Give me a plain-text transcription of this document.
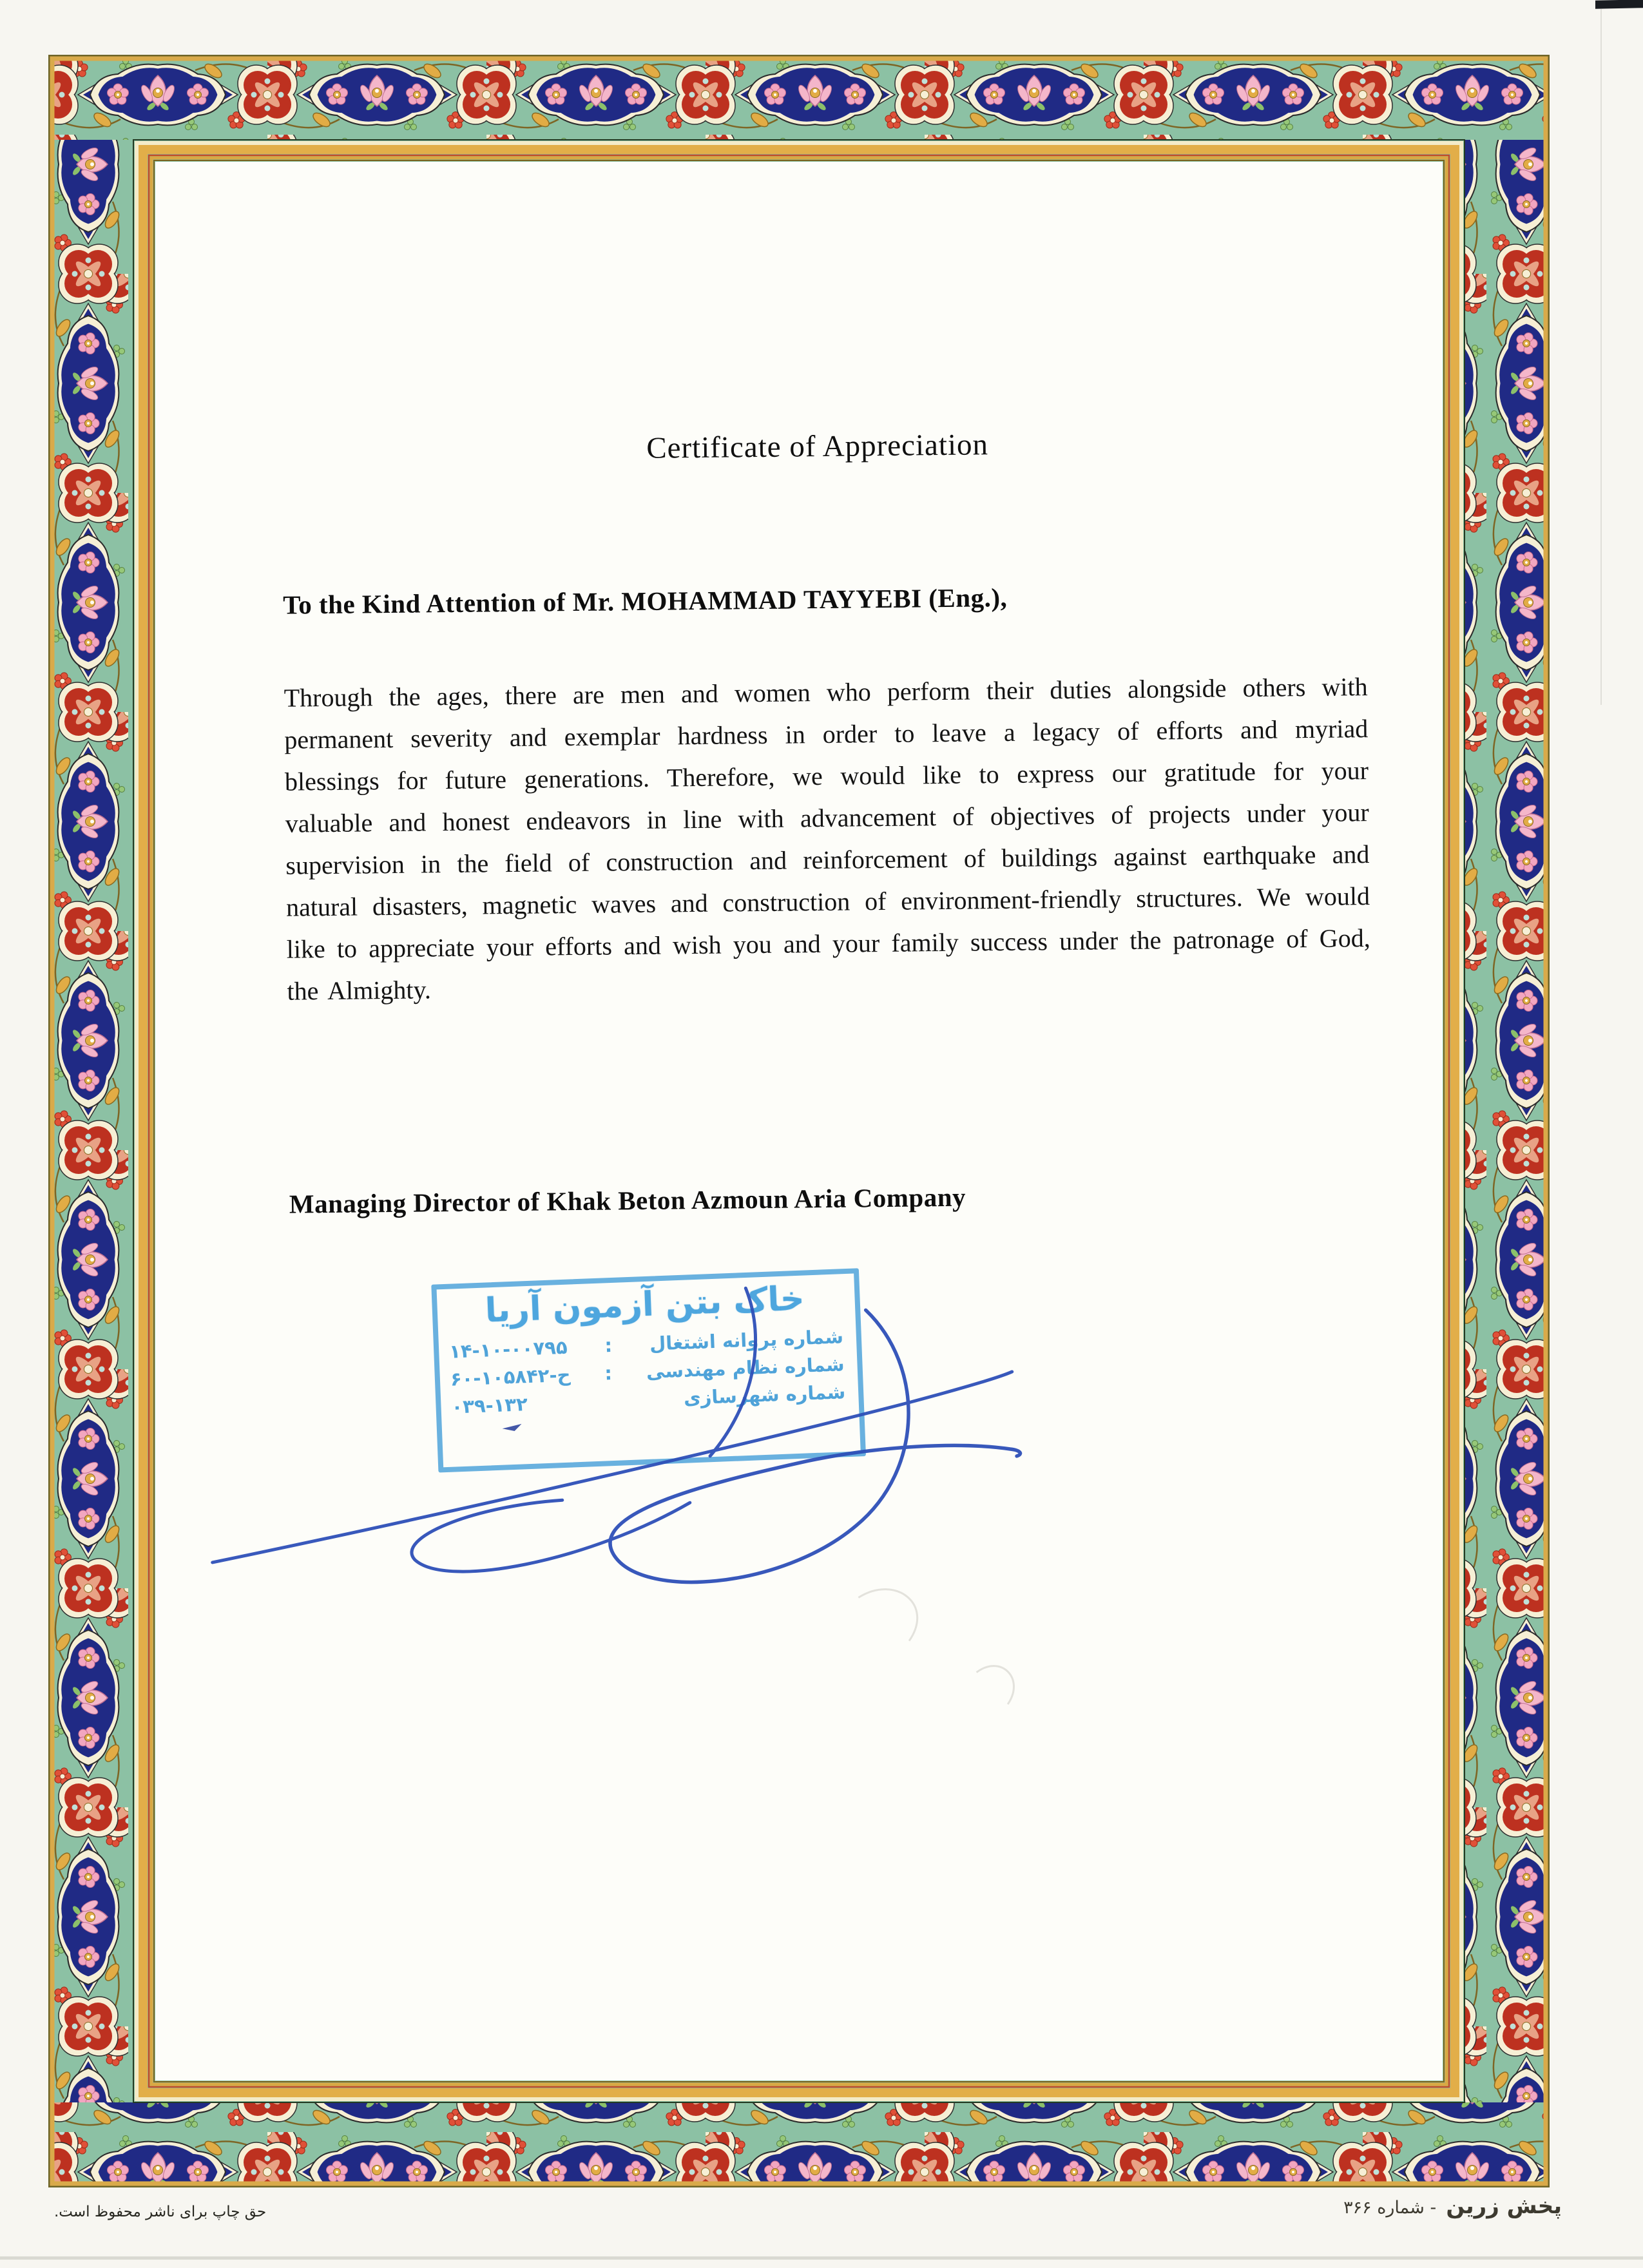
Certificate of Appreciation
To the Kind Attention of Mr. MOHAMMAD TAYYEBI (Eng.),
Through the ages, there are men and women who perform their duties alongside others with permanent severity and exemplar hardness in order to leave a legacy of efforts and myriad blessings for future generations. Therefore, we would like to express our gratitude for your valuable and honest endeavors in line with advancement of objectives of projects under your supervision in the field of construction and reinforcement of buildings against earthquake and natural disasters, magnetic waves and construction of environment-friendly structures. We would like to appreciate your efforts and wish you and your family success under the patronage of God, the Almighty.
Managing Director of Khak Beton Azmoun Aria Company
خاک بتن آزمون آریا
شماره پروانه اشتغال
:
۱۴-۱۰-۰۰۷۹۵
شماره نظام مهندسی
:
۶۰-ح-۱۰۵۸۴۲
شماره شهرسازی
۰۳۹-۱۳۲
حق چاپ برای ناشر محفوظ است.	پخش زرین - شماره ۳۶۶
